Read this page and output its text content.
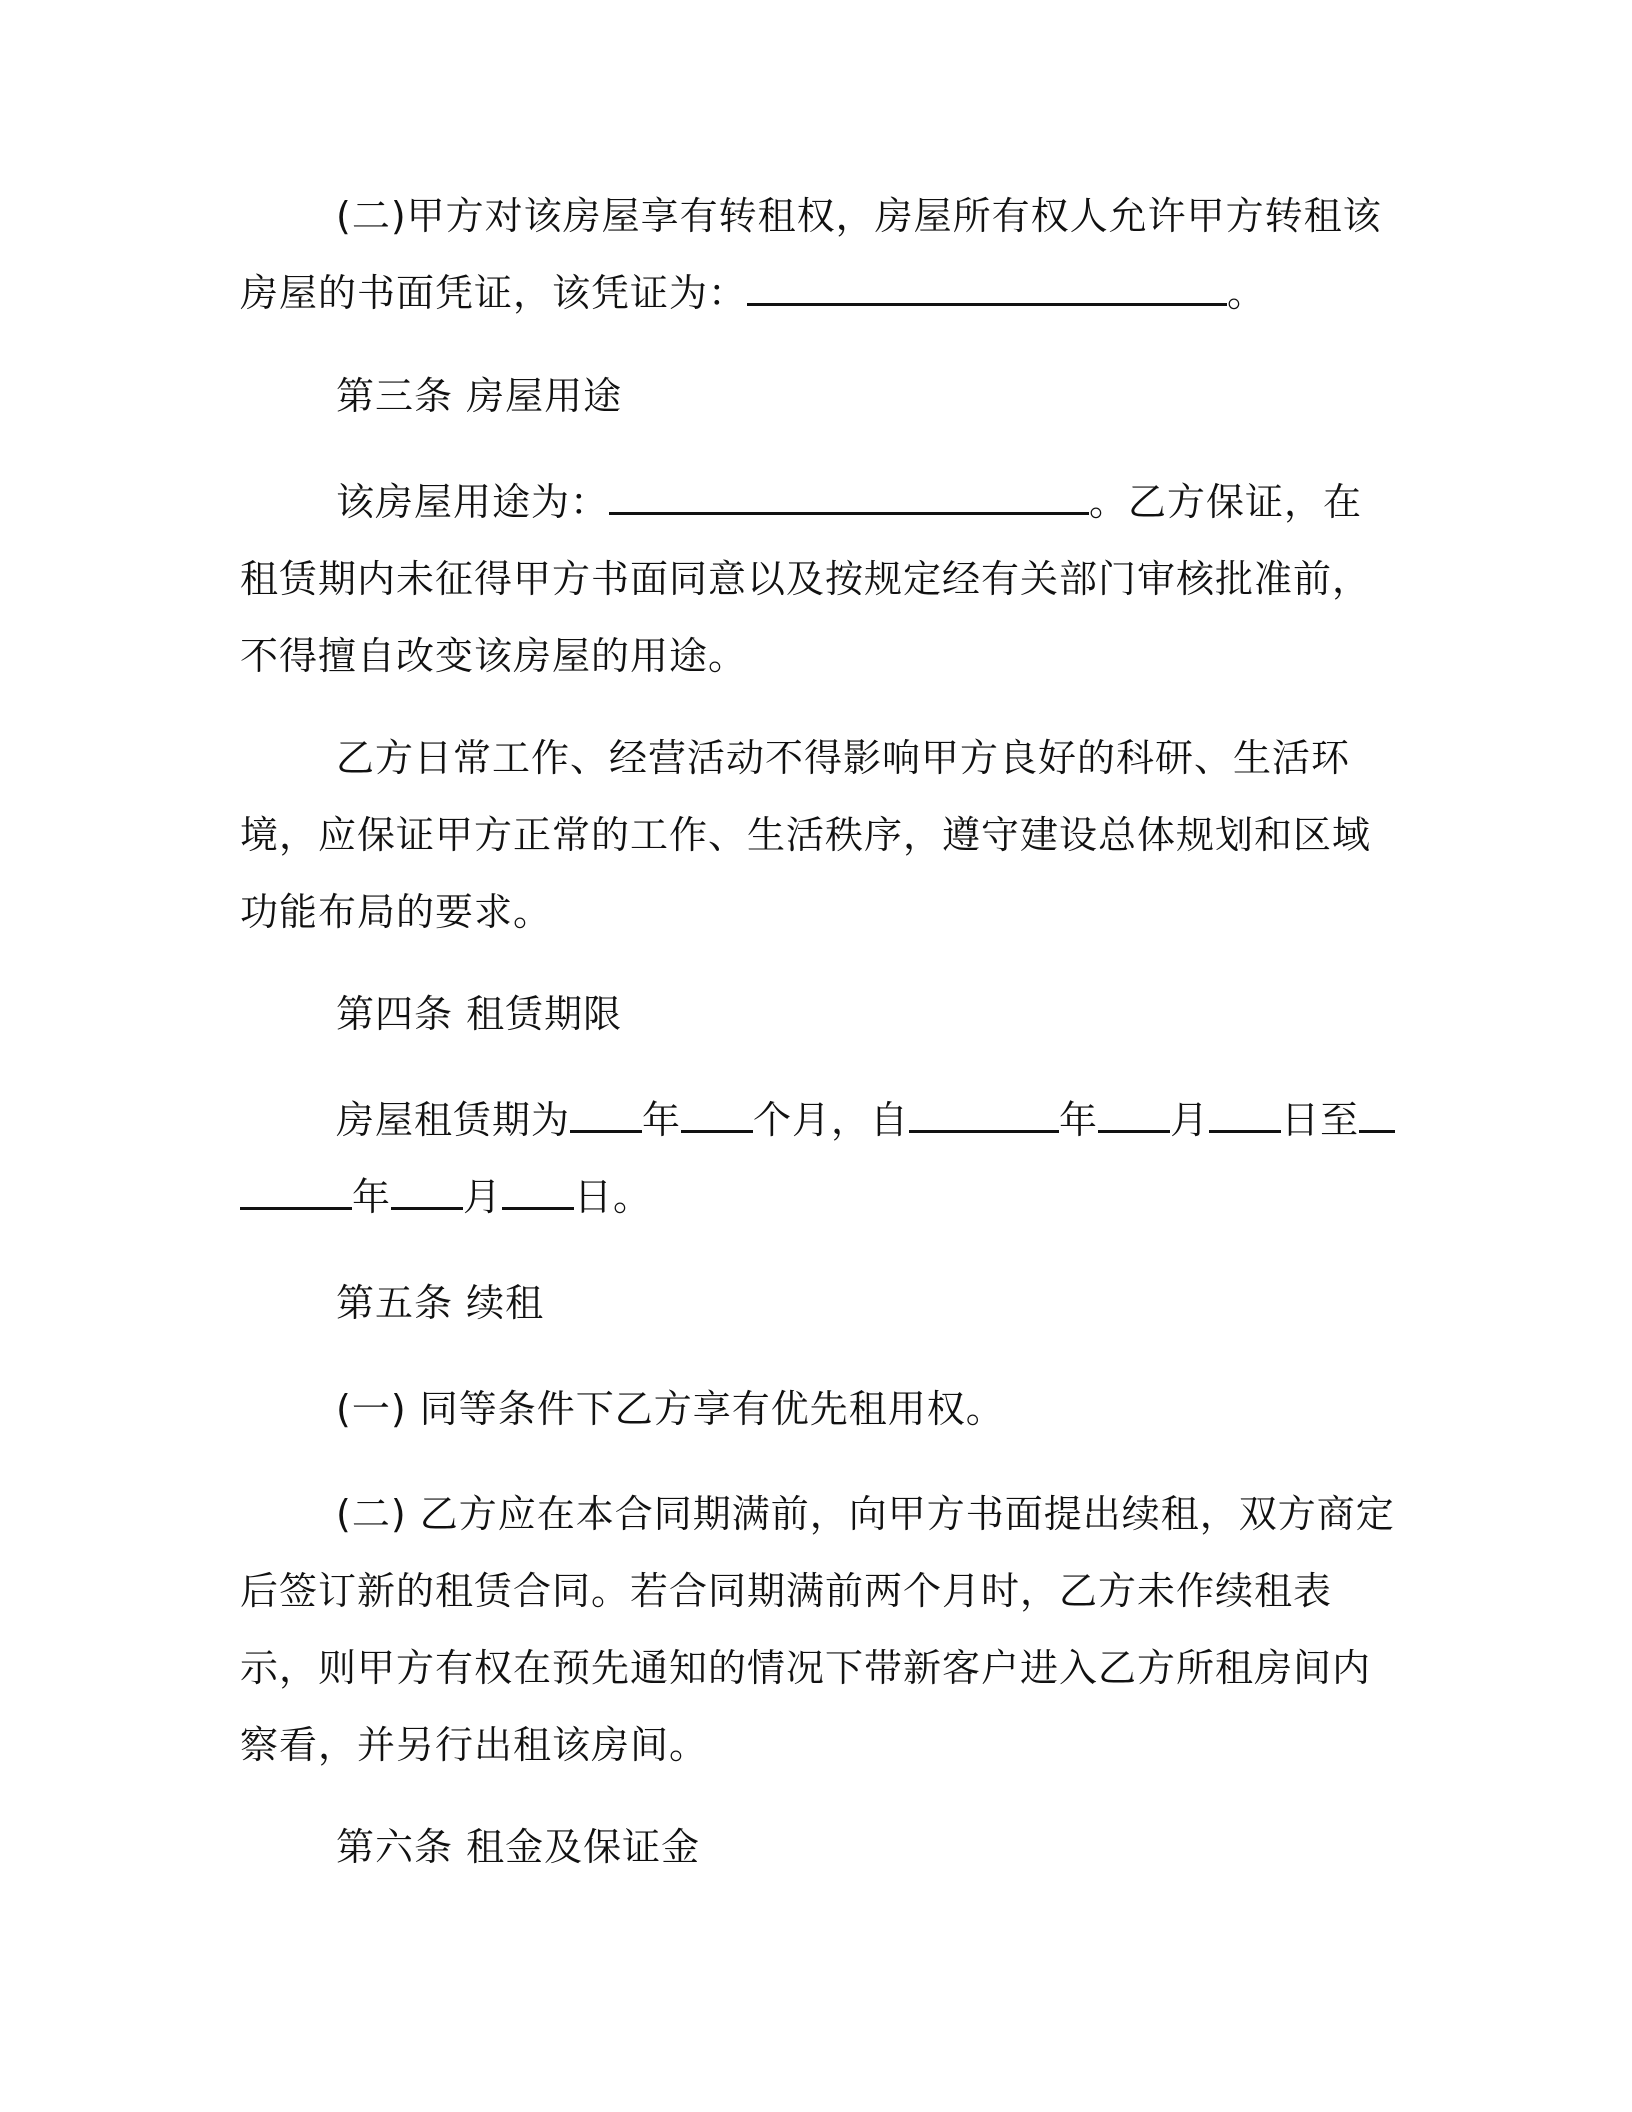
(二)甲方对该房屋享有转租权，房屋所有权人允许甲方转租该房屋的书面凭证，该凭证为：	。

第三条 房屋用途

该房屋用途为：	。乙方保证，在租赁期内未征得甲方书面同意以及按规定经有关部门审核批准前，不得擅自改变该房屋的用途。

乙方日常工作、经营活动不得影响甲方良好的科研、生活环境，应保证甲方正常的工作、生活秩序，遵守建设总体规划和区域功能布局的要求。

第四条 租赁期限

房屋租赁期为 年 个月，自	年 月 日至
年 月 日。

第五条 续租

(一) 同等条件下乙方享有优先租用权。

(二) 乙方应在本合同期满前，向甲方书面提出续租，双方商定后签订新的租赁合同。若合同期满前两个月时，乙方未作续租表示，则甲方有权在预先通知的情况下带新客户进入乙方所租房间内察看，并另行出租该房间。

第六条 租金及保证金
